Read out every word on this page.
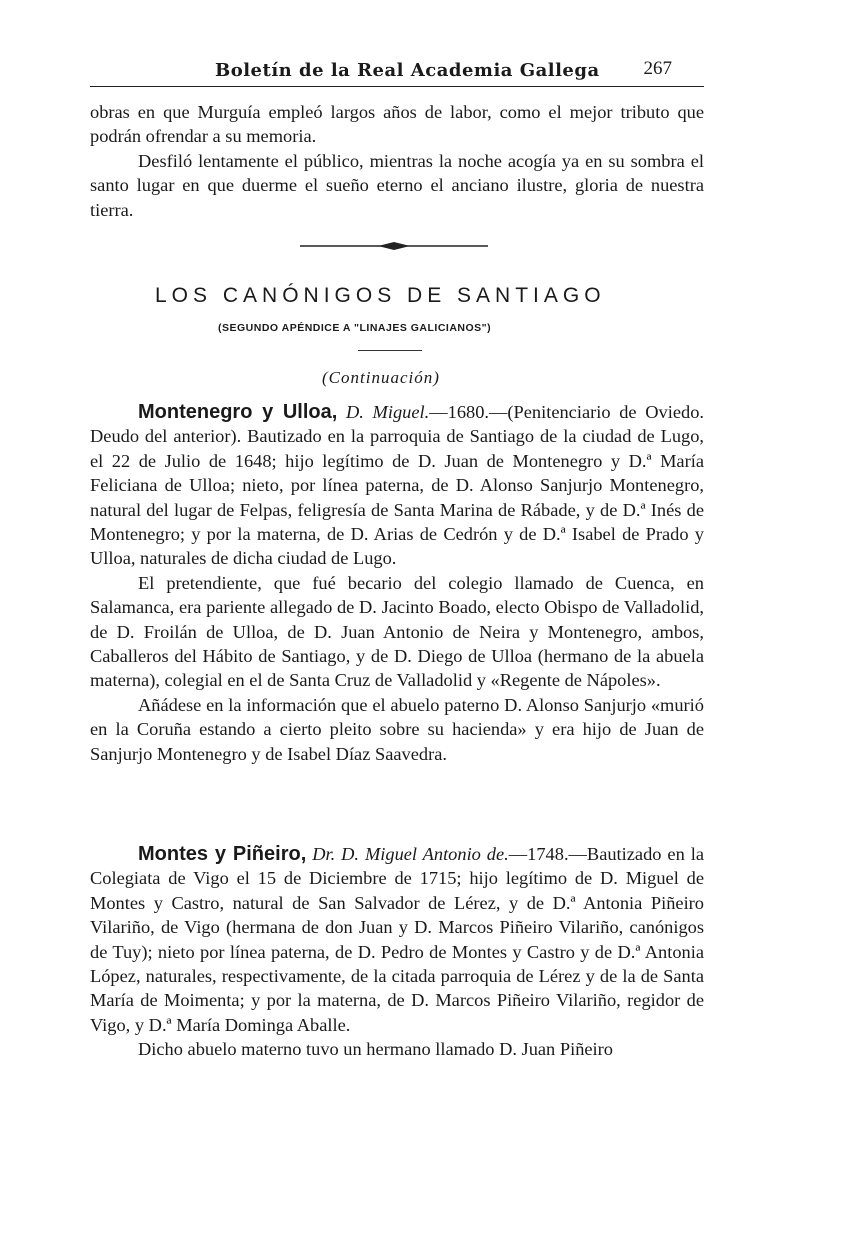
Boletín de la Real Academia Gallega 267

obras en que Murguía empleó largos años de labor, como el mejor tributo que podrán ofrendar a su memoria.

Desfiló lentamente el público, mientras la noche acogía ya en su sombra el santo lugar en que duerme el sueño eterno el anciano ilustre, gloria de nuestra tierra.

LOS CANÓNIGOS DE SANTIAGO
(SEGUNDO APÉNDICE A "LINAJES GALICIANOS")
(Continuación)

Montenegro y Ulloa, D. Miguel.—1680.—(Penitenciario de Oviedo. Deudo del anterior). Bautizado en la parroquia de Santiago de la ciudad de Lugo, el 22 de Julio de 1648; hijo legítimo de D. Juan de Montenegro y D.ª María Feliciana de Ulloa; nieto, por línea paterna, de D. Alonso Sanjurjo Montenegro, natural del lugar de Felpas, feligresía de Santa Marina de Rábade, y de D.ª Inés de Montenegro; y por la materna, de D. Arias de Cedrón y de D.ª Isabel de Prado y Ulloa, naturales de dicha ciudad de Lugo.

El pretendiente, que fué becario del colegio llamado de Cuenca, en Salamanca, era pariente allegado de D. Jacinto Boado, electo Obispo de Valladolid, de D. Froilán de Ulloa, de D. Juan Antonio de Neira y Montenegro, ambos, Caballeros del Hábito de Santiago, y de D. Diego de Ulloa (hermano de la abuela materna), colegial en el de Santa Cruz de Valladolid y «Regente de Nápoles».

Añádese en la información que el abuelo paterno D. Alonso Sanjurjo «murió en la Coruña estando a cierto pleito sobre su hacienda» y era hijo de Juan de Sanjurjo Montenegro y de Isabel Díaz Saavedra.

Montes y Piñeiro, Dr. D. Miguel Antonio de.—1748.—Bautizado en la Colegiata de Vigo el 15 de Diciembre de 1715; hijo legítimo de D. Miguel de Montes y Castro, natural de San Salvador de Lérez, y de D.ª Antonia Piñeiro Vilariño, de Vigo (hermana de don Juan y D. Marcos Piñeiro Vilariño, canónigos de Tuy); nieto por línea paterna, de D. Pedro de Montes y Castro y de D.ª Antonia López, naturales, respectivamente, de la citada parroquia de Lérez y de la de Santa María de Moimenta; y por la materna, de D. Marcos Piñeiro Vilariño, regidor de Vigo, y D.ª María Dominga Aballe.

Dicho abuelo materno tuvo un hermano llamado D. Juan Piñeiro
